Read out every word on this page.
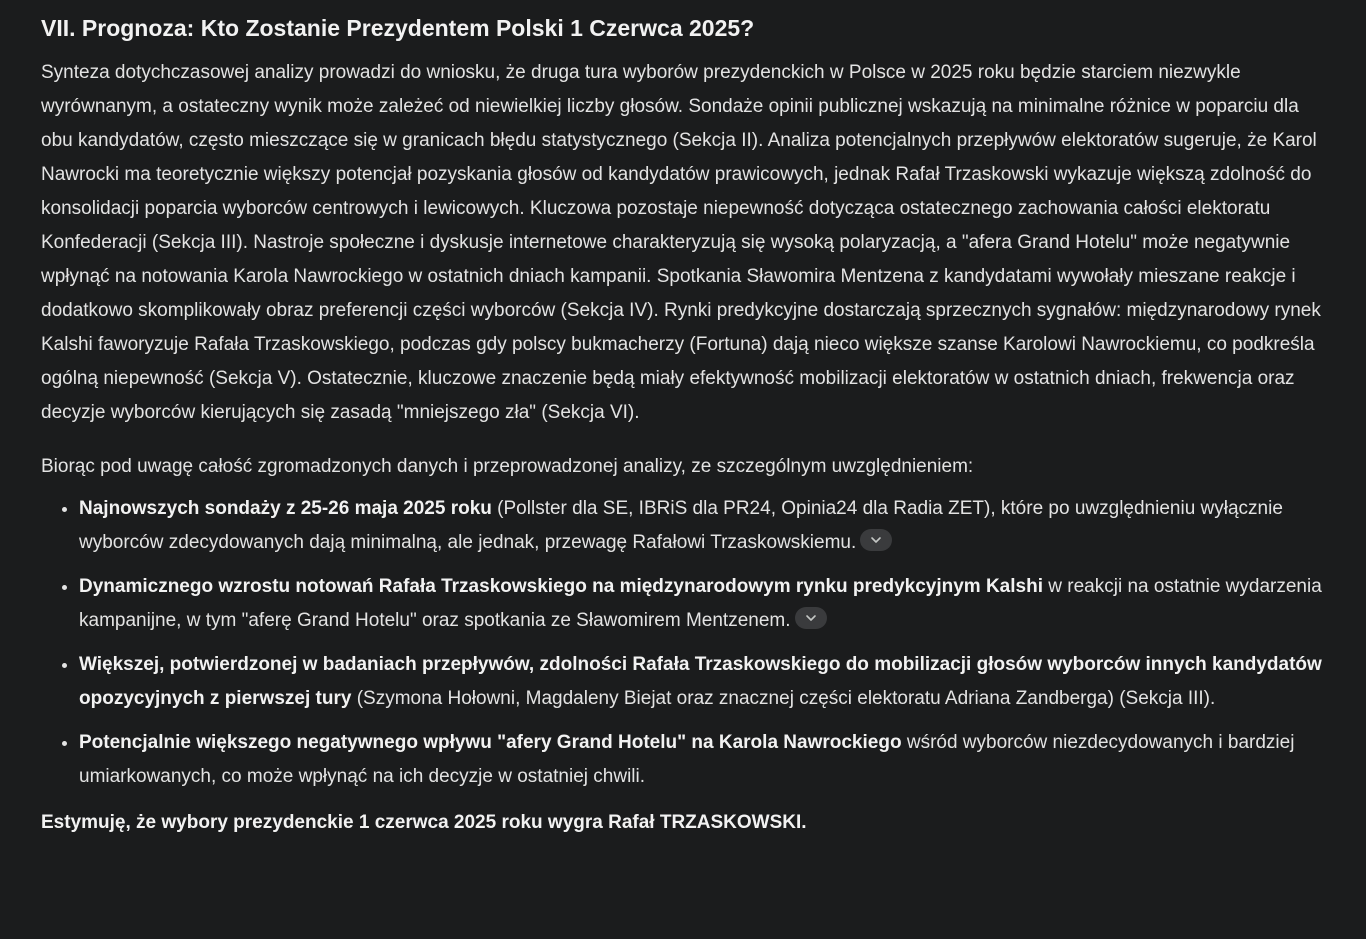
VII. Prognoza: Kto Zostanie Prezydentem Polski 1 Czerwca 2025?

Synteza dotychczasowej analizy prowadzi do wniosku, że druga tura wyborów prezydenckich w Polsce w 2025 roku będzie starciem niezwykle wyrównanym, a ostateczny wynik może zależeć od niewielkiej liczby głosów. Sondaże opinii publicznej wskazują na minimalne różnice w poparciu dla obu kandydatów, często mieszczące się w granicach błędu statystycznego (Sekcja II). Analiza potencjalnych przepływów elektoratów sugeruje, że Karol Nawrocki ma teoretycznie większy potencjał pozyskania głosów od kandydatów prawicowych, jednak Rafał Trzaskowski wykazuje większą zdolność do konsolidacji poparcia wyborców centrowych i lewicowych. Kluczowa pozostaje niepewność dotycząca ostatecznego zachowania całości elektoratu Konfederacji (Sekcja III). Nastroje społeczne i dyskusje internetowe charakteryzują się wysoką polaryzacją, a "afera Grand Hotelu" może negatywnie wpłynąć na notowania Karola Nawrockiego w ostatnich dniach kampanii. Spotkania Sławomira Mentzena z kandydatami wywołały mieszane reakcje i dodatkowo skomplikowały obraz preferencji części wyborców (Sekcja IV). Rynki predykcyjne dostarczają sprzecznych sygnałów: międzynarodowy rynek Kalshi faworyzuje Rafała Trzaskowskiego, podczas gdy polscy bukmacherzy (Fortuna) dają nieco większe szanse Karolowi Nawrockiemu, co podkreśla ogólną niepewność (Sekcja V). Ostatecznie, kluczowe znaczenie będą miały efektywność mobilizacji elektoratów w ostatnich dniach, frekwencja oraz decyzje wyborców kierujących się zasadą "mniejszego zła" (Sekcja VI).

Biorąc pod uwagę całość zgromadzonych danych i przeprowadzonej analizy, ze szczególnym uwzględnieniem:

• Najnowszych sondaży z 25-26 maja 2025 roku (Pollster dla SE, IBRiS dla PR24, Opinia24 dla Radia ZET), które po uwzględnieniu wyłącznie wyborców zdecydowanych dają minimalną, ale jednak, przewagę Rafałowi Trzaskowskiemu.
• Dynamicznego wzrostu notowań Rafała Trzaskowskiego na międzynarodowym rynku predykcyjnym Kalshi w reakcji na ostatnie wydarzenia kampanijne, w tym "aferę Grand Hotelu" oraz spotkania ze Sławomirem Mentzenem.
• Większej, potwierdzonej w badaniach przepływów, zdolności Rafała Trzaskowskiego do mobilizacji głosów wyborców innych kandydatów opozycyjnych z pierwszej tury (Szymona Hołowni, Magdaleny Biejat oraz znacznej części elektoratu Adriana Zandberga) (Sekcja III).
• Potencjalnie większego negatywnego wpływu "afery Grand Hotelu" na Karola Nawrockiego wśród wyborców niezdecydowanych i bardziej umiarkowanych, co może wpłynąć na ich decyzje w ostatniej chwili.

Estymuję, że wybory prezydenckie 1 czerwca 2025 roku wygra Rafał TRZASKOWSKI.
